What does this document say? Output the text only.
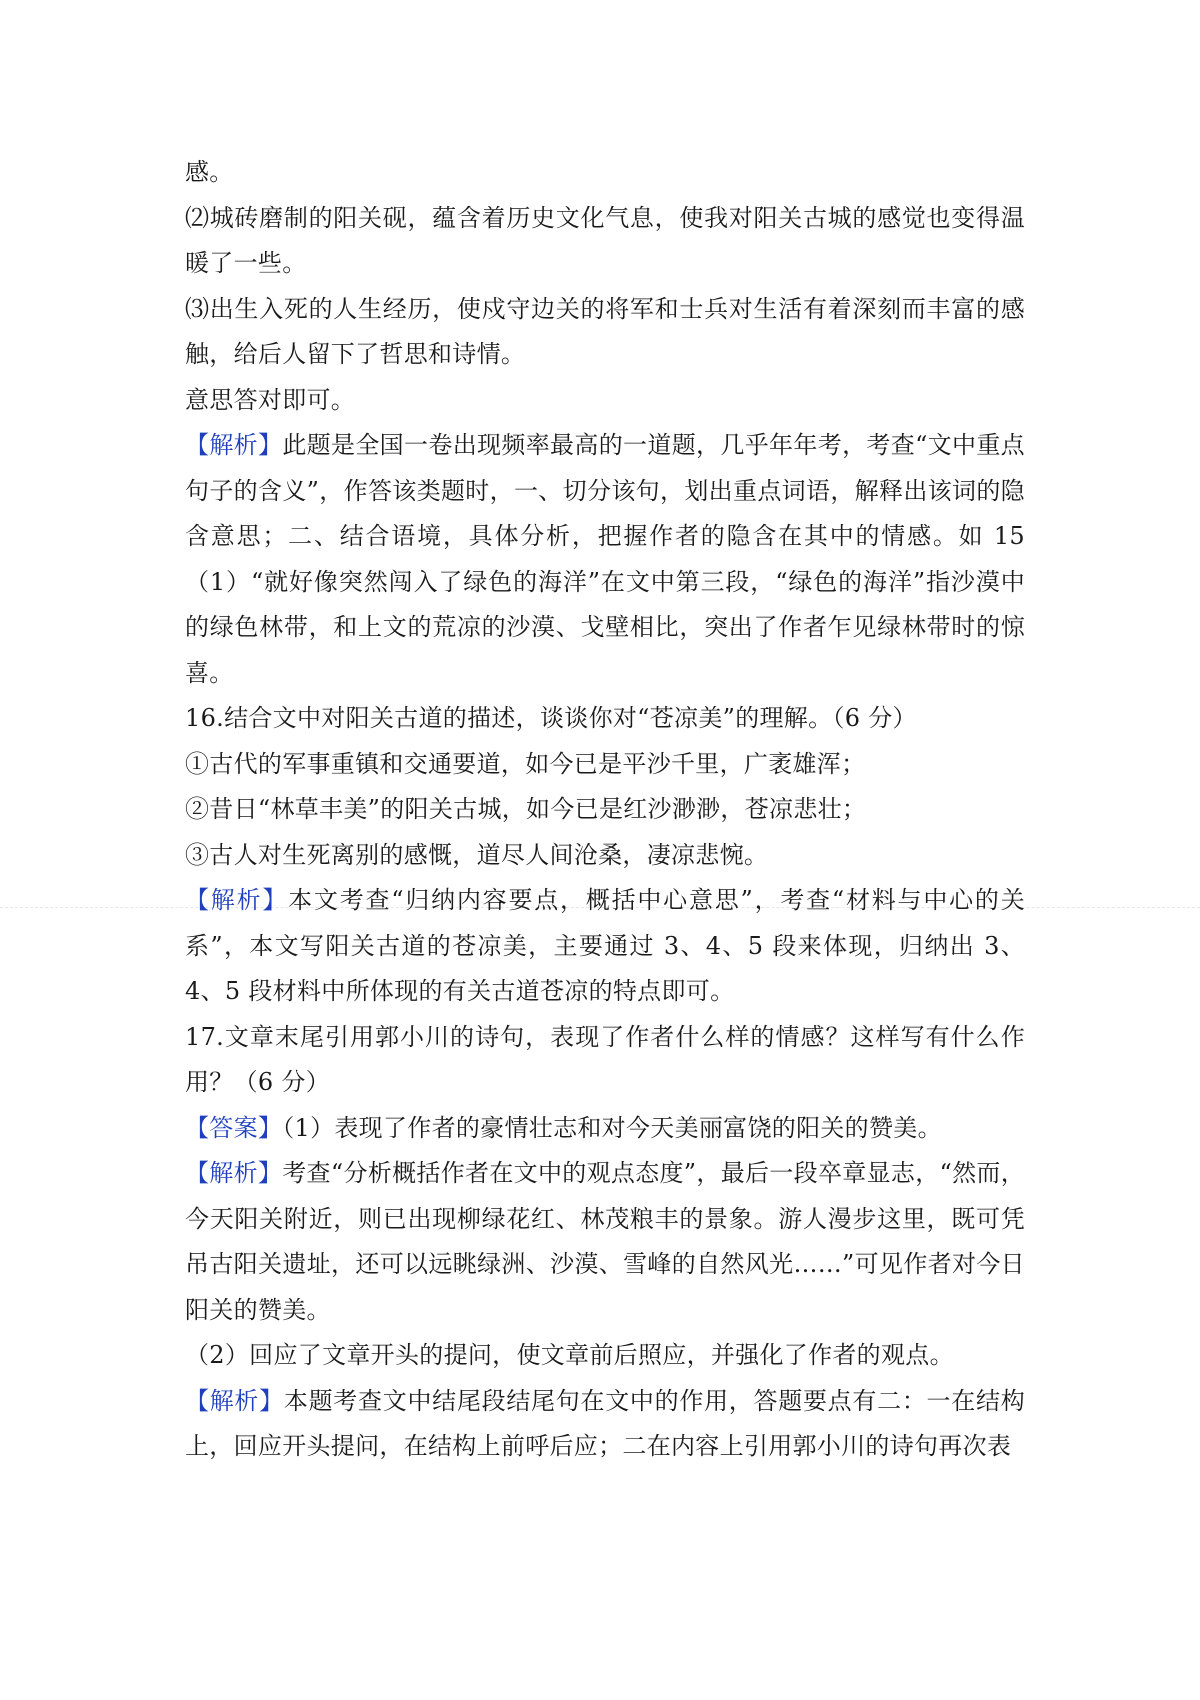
感。

⑵城砖磨制的阳关砚，蕴含着历史文化气息，使我对阳关古城的感觉也变得温暖了一些。

⑶出生入死的人生经历，使戍守边关的将军和士兵对生活有着深刻而丰富的感触，给后人留下了哲思和诗情。

意思答对即可。

【解析】此题是全国一卷出现频率最高的一道题，几乎年年考，考查“文中重点句子的含义”，作答该类题时，一、切分该句，划出重点词语，解释出该词的隐含意思；二、结合语境，具体分析，把握作者的隐含在其中的情感。如 15（1）“就好像突然闯入了绿色的海洋”在文中第三段，“绿色的海洋”指沙漠中的绿色林带，和上文的荒凉的沙漠、戈壁相比，突出了作者乍见绿林带时的惊喜。

16.结合文中对阳关古道的描述，谈谈你对“苍凉美”的理解。（6 分）

①古代的军事重镇和交通要道，如今已是平沙千里，广袤雄浑；

②昔日“林草丰美”的阳关古城，如今已是红沙渺渺，苍凉悲壮；

③古人对生死离别的感慨，道尽人间沧桑，凄凉悲惋。

【解析】本文考查“归纳内容要点，概括中心意思”，考查“材料与中心的关系”，本文写阳关古道的苍凉美，主要通过 3、4、5 段来体现，归纳出 3、4、5 段材料中所体现的有关古道苍凉的特点即可。

17.文章末尾引用郭小川的诗句，表现了作者什么样的情感？这样写有什么作用？（6 分）

【答案】（1）表现了作者的豪情壮志和对今天美丽富饶的阳关的赞美。

【解析】考查“分析概括作者在文中的观点态度”，最后一段卒章显志，“然而，今天阳关附近，则已出现柳绿花红、林茂粮丰的景象。游人漫步这里，既可凭吊古阳关遗址，还可以远眺绿洲、沙漠、雪峰的自然风光……”可见作者对今日阳关的赞美。

（2）回应了文章开头的提问，使文章前后照应，并强化了作者的观点。

【解析】本题考查文中结尾段结尾句在文中的作用，答题要点有二：一在结构上，回应开头提问，在结构上前呼后应；二在内容上引用郭小川的诗句再次表
